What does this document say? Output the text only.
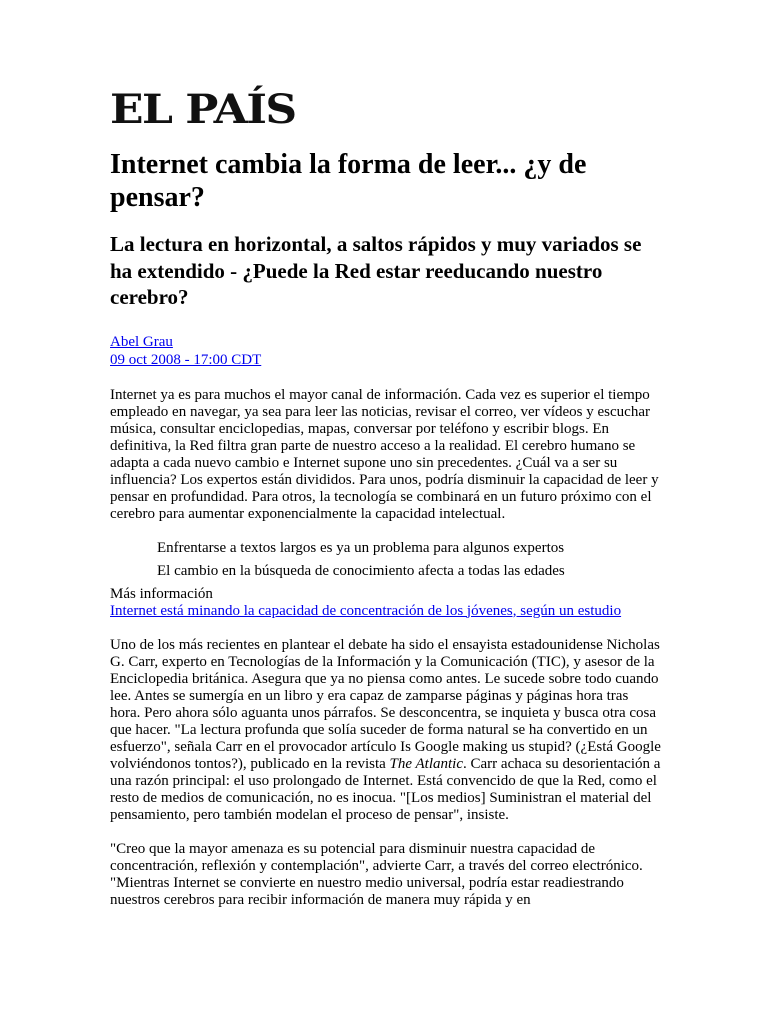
EL PAÍS
Internet cambia la forma de leer... ¿y de pensar?
La lectura en horizontal, a saltos rápidos y muy variados se ha extendido - ¿Puede la Red estar reeducando nuestro cerebro?
Abel Grau
09 oct 2008 - 17:00 CDT

Internet ya es para muchos el mayor canal de información. Cada vez es superior el tiempo empleado en navegar, ya sea para leer las noticias, revisar el correo, ver vídeos y escuchar música, consultar enciclopedias, mapas, conversar por teléfono y escribir blogs. En definitiva, la Red filtra gran parte de nuestro acceso a la realidad. El cerebro humano se adapta a cada nuevo cambio e Internet supone uno sin precedentes. ¿Cuál va a ser su influencia? Los expertos están divididos. Para unos, podría disminuir la capacidad de leer y pensar en profundidad. Para otros, la tecnología se combinará en un futuro próximo con el cerebro para aumentar exponencialmente la capacidad intelectual.

Enfrentarse a textos largos es ya un problema para algunos expertos
El cambio en la búsqueda de conocimiento afecta a todas las edades
Más información
Internet está minando la capacidad de concentración de los jóvenes, según un estudio

Uno de los más recientes en plantear el debate ha sido el ensayista estadounidense Nicholas G. Carr, experto en Tecnologías de la Información y la Comunicación (TIC), y asesor de la Enciclopedia británica. Asegura que ya no piensa como antes. Le sucede sobre todo cuando lee. Antes se sumergía en un libro y era capaz de zamparse páginas y páginas hora tras hora. Pero ahora sólo aguanta unos párrafos. Se desconcentra, se inquieta y busca otra cosa que hacer. "La lectura profunda que solía suceder de forma natural se ha convertido en un esfuerzo", señala Carr en el provocador artículo Is Google making us stupid? (¿Está Google volviéndonos tontos?), publicado en la revista The Atlantic. Carr achaca su desorientación a una razón principal: el uso prolongado de Internet. Está convencido de que la Red, como el resto de medios de comunicación, no es inocua. "[Los medios] Suministran el material del pensamiento, pero también modelan el proceso de pensar", insiste.

"Creo que la mayor amenaza es su potencial para disminuir nuestra capacidad de concentración, reflexión y contemplación", advierte Carr, a través del correo electrónico. "Mientras Internet se convierte en nuestro medio universal, podría estar readiestrando nuestros cerebros para recibir información de manera muy rápida y en
